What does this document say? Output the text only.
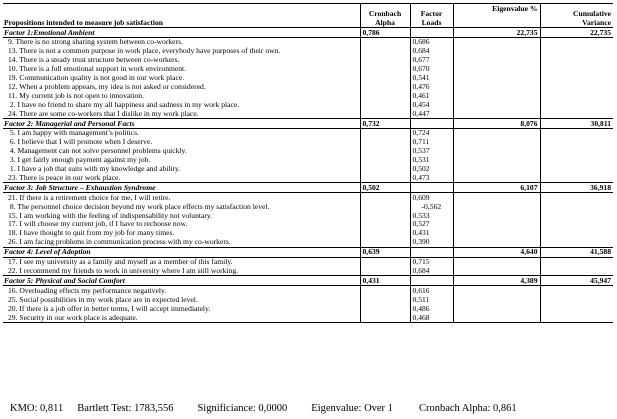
Propositions intended to measure job satisfaction	Cronbach Alpha	Factor Loads	Eigenvalue %	Cumulative Variance
Factor 1:Emotional Ambient	0,786		22,735	22,735
9. There is no strong sharing system between co-workers.		0,686		
13. There is not a common purpose in work place, everybody have purposes of their own.		0,684		
14. There is a steady trust structure between co-workers.		0,677		
10. There is a full emotional support in work environment.		0,670		
19. Communication quality is not good in our work place.		0,541		
12. When a problem appears, my idea is not asked or considered.		0,476		
11. My current job is not open to innovation.		0,461		
2. I have no friend to share my all happiness and sadness in my work place.		0,454		
24. There are some co-workers that I dislike in my work place.		0,447		
Factor 2: Managerial and Personal Facts	0,732		8,076	30,811
5. I am happy with management’s politics.		0,724		
6. I believe that I will promote when I deserve.		0,711		
4. Management can not solve personnel problems quickly.		0,537		
3. I get fairly enough payment against my job.		0,531		
1. I have a job that suits with my knowledge and ability.		0,502		
23. There is peace in our work place.		0,473		
Factor 3: Job Structure – Exhaustion Syndrome	0,502		6,107	36,918
21. If there is a retirement choice for me, I will retire.		0,609		
8. The personnel choice decision beyond my work place effects my satisfaction level.		-0,562		
15. I am working with the feeling of indispensability not voluntary.		0,533		
17. I will choose my current job, if I have to rechoose now.		0,527		
18. I have thought to quit from my job for many times.		0,431		
26. I am facing problems in communication process with my co-workers.		0,390		
Factor 4: Level of Adoption	0,639		4,640	41,588
17. I see my university as a family and myself as a member of this family.		0,715		
22. I recommend my friends to work in university where I am still working.		0,684		
Factor 5: Physical and Social Comfort	0,431		4,389	45,947
16. Overloading effects my performance negatively.		0,616		
25. Social possibilities in my work place are in expected level.		0,511		
20. If there is a job offer in better terms, I will accept immediately.		0,486		
29. Security in our work place is adequate.		0,468		
KMO: 0,811 Bartlett Test: 1783,556 Significiance: 0,0000 Eigenvalue: Over 1 Cronbach Alpha: 0,861
